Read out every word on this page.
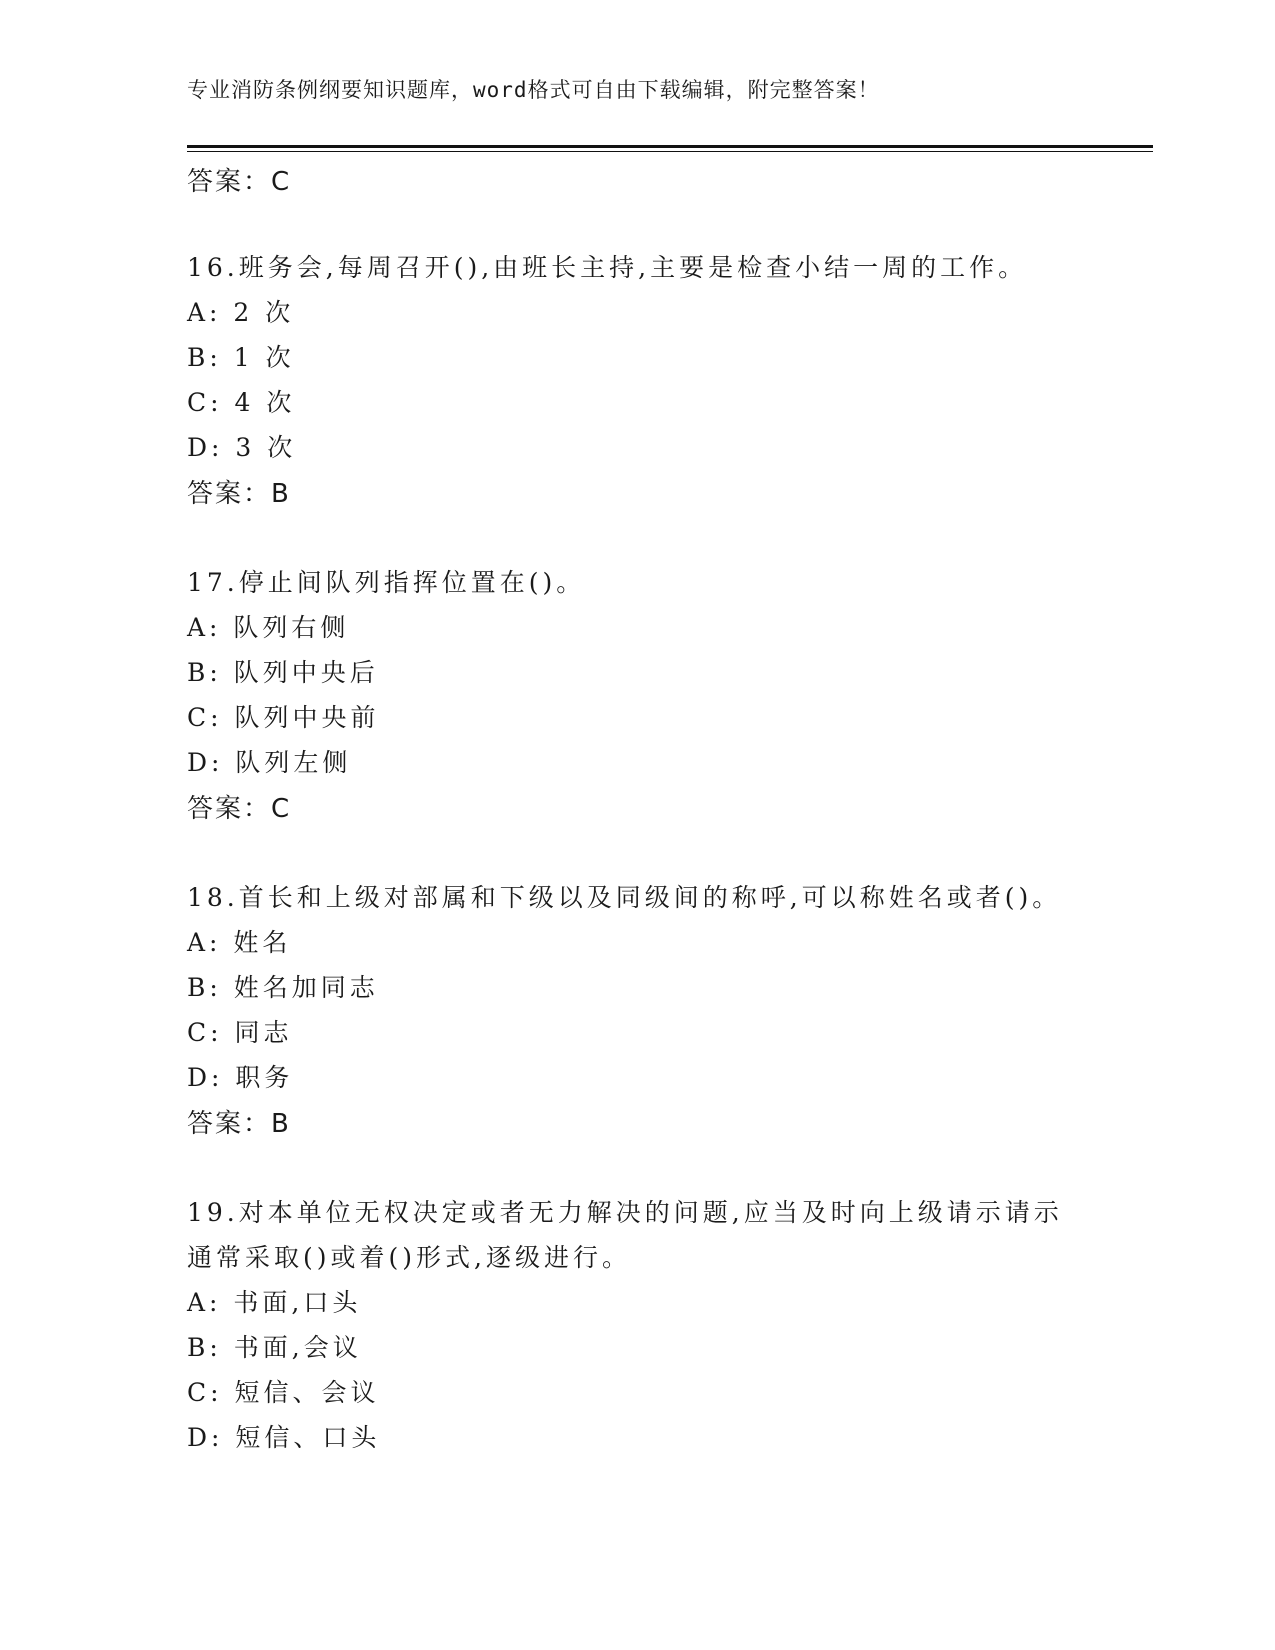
专业消防条例纲要知识题库，word格式可自由下载编辑，附完整答案！
答案：C
16.班务会,每周召开(),由班长主持,主要是检查小结一周的工作。
A: 2 次
B: 1 次
C: 4 次
D: 3 次
答案：B
17.停止间队列指挥位置在()。
A: 队列右侧
B: 队列中央后
C: 队列中央前
D: 队列左侧
答案：C
18.首长和上级对部属和下级以及同级间的称呼,可以称姓名或者()。
A: 姓名
B: 姓名加同志
C: 同志
D: 职务
答案：B
19.对本单位无权决定或者无力解决的问题,应当及时向上级请示请示
通常采取()或着()形式,逐级进行。
A: 书面,口头
B: 书面,会议
C: 短信、会议
D: 短信、口头
